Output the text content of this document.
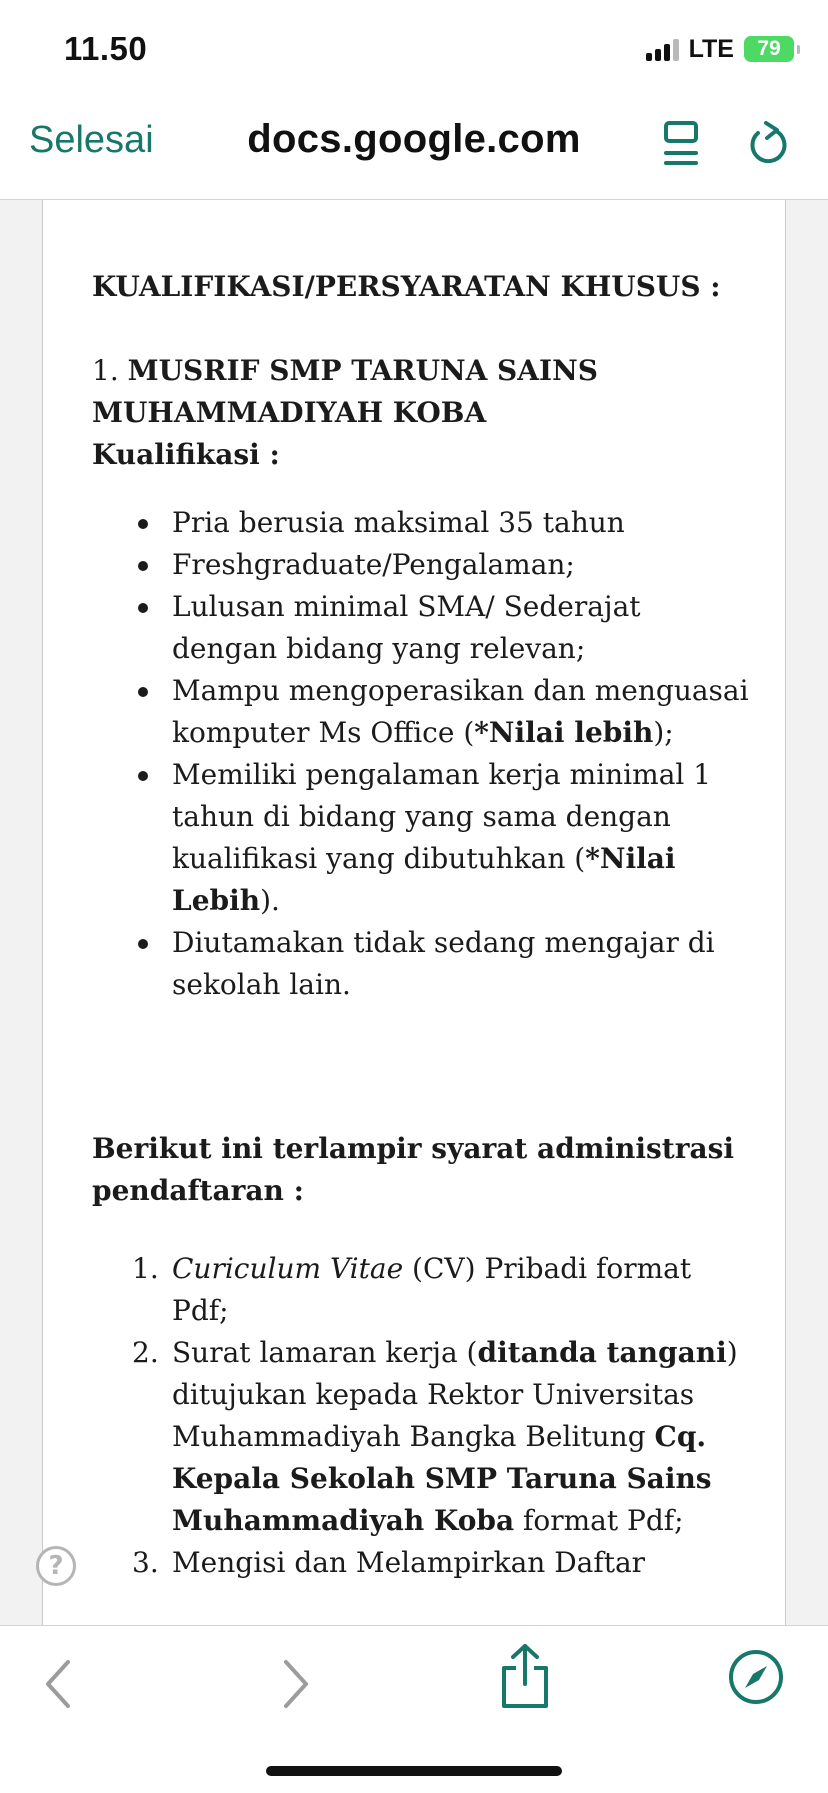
11.50	LTE 79
Selesai	docs.google.com

KUALIFIKASI/PERSYARATAN KHUSUS :

1. MUSRIF SMP TARUNA SAINS

MUHAMMADIYAH KOBA

Kualifikasi :

Pria berusia maksimal 35 tahun
Freshgraduate/Pengalaman;
Lulusan minimal SMA/ Sederajat dengan bidang yang relevan;
Mampu mengoperasikan dan menguasai komputer Ms Office (*Nilai lebih);
Memiliki pengalaman kerja minimal 1 tahun di bidang yang sama dengan kualifikasi yang dibutuhkan (*Nilai Lebih).
Diutamakan tidak sedang mengajar di sekolah lain.

Berikut ini terlampir syarat administrasi pendaftaran :

1. Curiculum Vitae (CV) Pribadi format Pdf;
2. Surat lamaran kerja (ditanda tangani) ditujukan kepada Rektor Universitas Muhammadiyah Bangka Belitung Cq. Kepala Sekolah SMP Taruna Sains Muhammadiyah Koba format Pdf;
3. Mengisi dan Melampirkan Daftar
?
